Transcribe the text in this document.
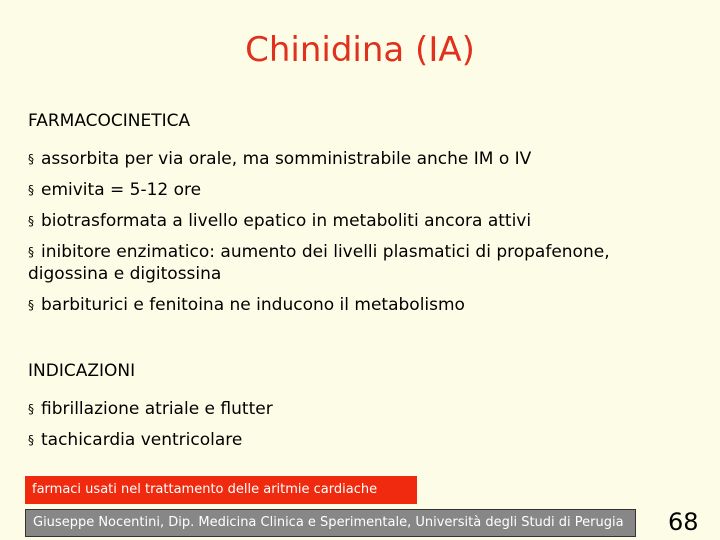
Chinidina (IA)

FARMACOCINETICA

§ assorbita per via orale, ma somministrabile anche IM o IV
§ emivita = 5-12 ore
§ biotrasformata a livello epatico in metaboliti ancora attivi
§ inibitore enzimatico: aumento dei livelli plasmatici di propafenone, digossina e digitossina
§ barbiturici e fenitoina ne inducono il metabolismo

INDICAZIONI

§ fibrillazione atriale e flutter
§ tachicardia ventricolare
farmaci usati nel trattamento delle aritmie cardiache
Giuseppe Nocentini, Dip. Medicina Clinica e Sperimentale, Università degli Studi di Perugia	68
